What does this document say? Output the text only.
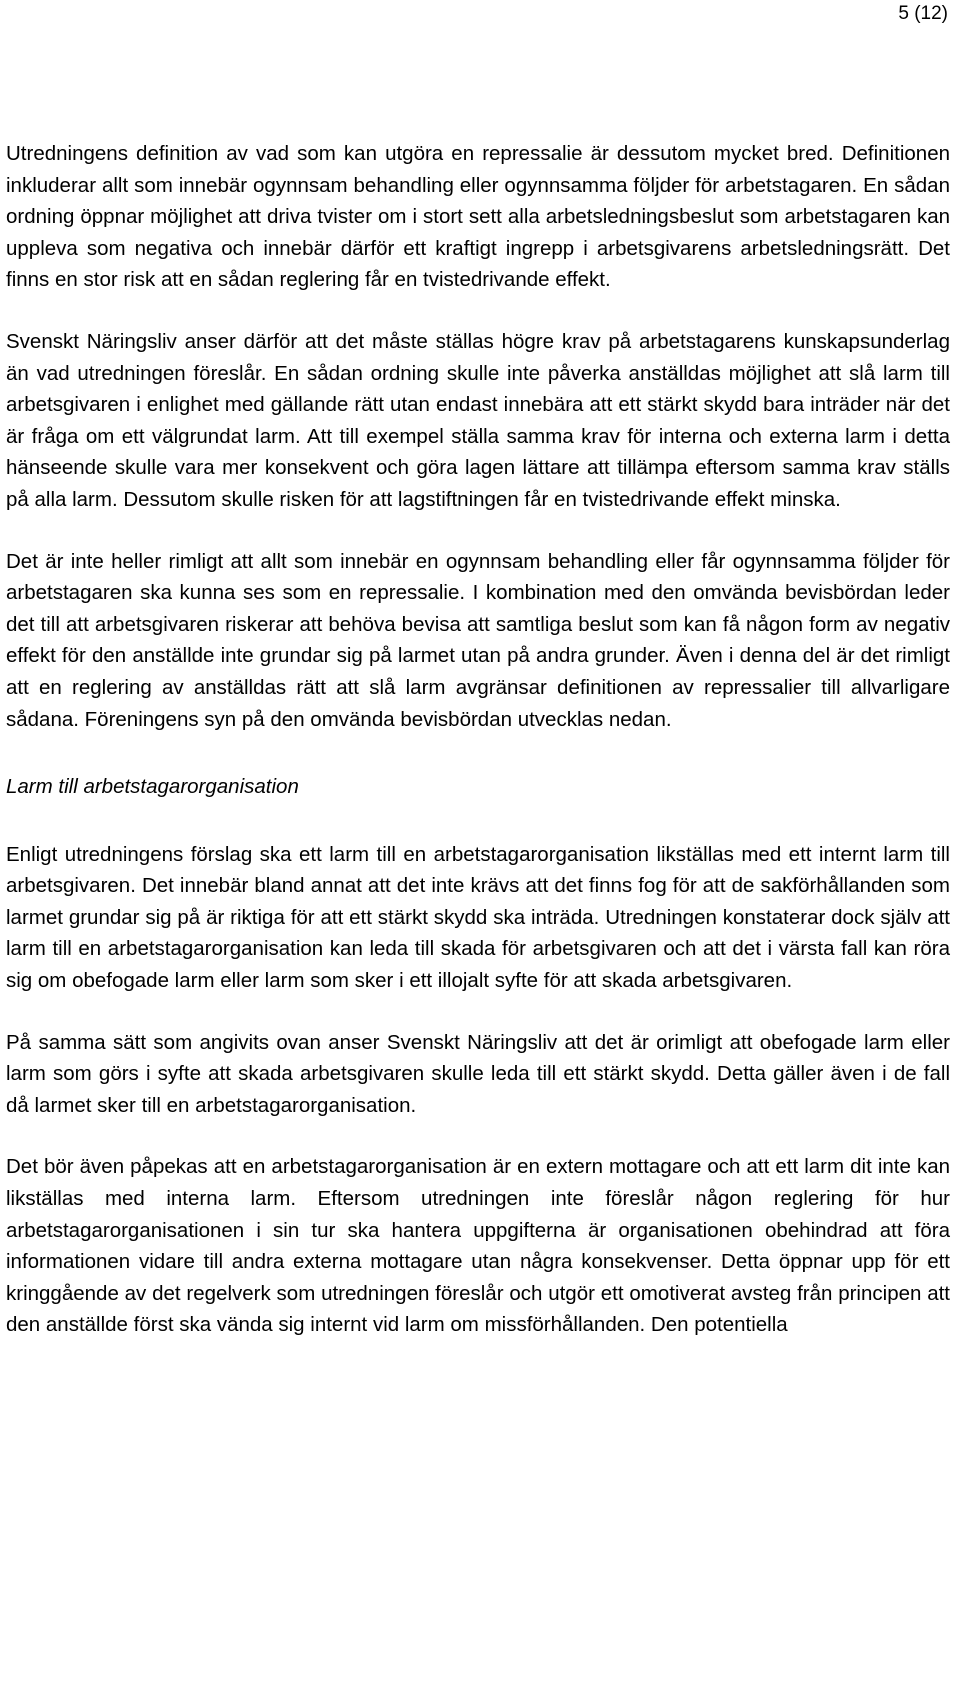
5 (12)

Utredningens definition av vad som kan utgöra en repressalie är dessutom mycket bred. Definitionen inkluderar allt som innebär ogynnsam behandling eller ogynnsamma följder för arbetstagaren. En sådan ordning öppnar möjlighet att driva tvister om i stort sett alla arbetsledningsbeslut som arbetstagaren kan uppleva som negativa och innebär därför ett kraftigt ingrepp i arbetsgivarens arbetsledningsrätt. Det finns en stor risk att en sådan reglering får en tvistedrivande effekt.

Svenskt Näringsliv anser därför att det måste ställas högre krav på arbetstagarens kunskapsunderlag än vad utredningen föreslår. En sådan ordning skulle inte påverka anställdas möjlighet att slå larm till arbetsgivaren i enlighet med gällande rätt utan endast innebära att ett stärkt skydd bara inträder när det är fråga om ett välgrundat larm. Att till exempel ställa samma krav för interna och externa larm i detta hänseende skulle vara mer konsekvent och göra lagen lättare att tillämpa eftersom samma krav ställs på alla larm. Dessutom skulle risken för att lagstiftningen får en tvistedrivande effekt minska.

Det är inte heller rimligt att allt som innebär en ogynnsam behandling eller får ogynnsamma följder för arbetstagaren ska kunna ses som en repressalie. I kombination med den omvända bevisbördan leder det till att arbetsgivaren riskerar att behöva bevisa att samtliga beslut som kan få någon form av negativ effekt för den anställde inte grundar sig på larmet utan på andra grunder. Även i denna del är det rimligt att en reglering av anställdas rätt att slå larm avgränsar definitionen av repressalier till allvarligare sådana. Föreningens syn på den omvända bevisbördan utvecklas nedan.

Larm till arbetstagarorganisation

Enligt utredningens förslag ska ett larm till en arbetstagarorganisation likställas med ett internt larm till arbetsgivaren. Det innebär bland annat att det inte krävs att det finns fog för att de sakförhållanden som larmet grundar sig på är riktiga för att ett stärkt skydd ska inträda. Utredningen konstaterar dock själv att larm till en arbetstagarorganisation kan leda till skada för arbetsgivaren och att det i värsta fall kan röra sig om obefogade larm eller larm som sker i ett illojalt syfte för att skada arbetsgivaren.

På samma sätt som angivits ovan anser Svenskt Näringsliv att det är orimligt att obefogade larm eller larm som görs i syfte att skada arbetsgivaren skulle leda till ett stärkt skydd. Detta gäller även i de fall då larmet sker till en arbetstagarorganisation.

Det bör även påpekas att en arbetstagarorganisation är en extern mottagare och att ett larm dit inte kan likställas med interna larm. Eftersom utredningen inte föreslår någon reglering för hur arbetstagarorganisationen i sin tur ska hantera uppgifterna är organisationen obehindrad att föra informationen vidare till andra externa mottagare utan några konsekvenser. Detta öppnar upp för ett kringgående av det regelverk som utredningen föreslår och utgör ett omotiverat avsteg från principen att den anställde först ska vända sig internt vid larm om missförhållanden. Den potentiella
